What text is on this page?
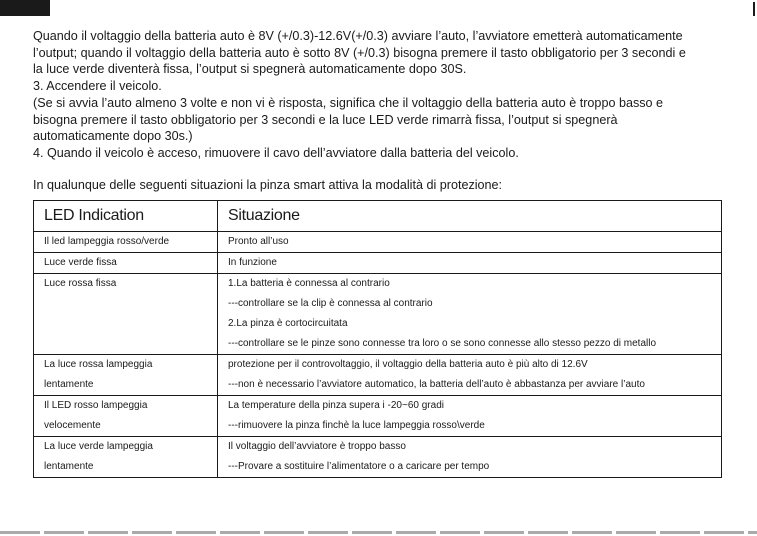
Quando il voltaggio della batteria auto è 8V (+/0.3)-12.6V(+/0.3) avviare l’auto, l’avviatore emetterà automaticamente

l’output; quando il voltaggio della batteria auto è sotto 8V (+/0.3) bisogna premere il tasto obbligatorio per 3 secondi e

la luce verde diventerà fissa, l’output si spegnerà automaticamente dopo 30S.

3. Accendere il veicolo.

(Se si avvia l’auto almeno 3 volte e non vi è risposta, significa che il voltaggio della batteria auto è troppo basso e

bisogna premere il tasto obbligatorio per 3 secondi e la luce LED verde rimarrà fissa, l’output si spegnerà

automaticamente dopo 30s.)

4. Quando il veicolo è acceso, rimuovere il cavo dell’avviatore dalla batteria del veicolo.

In qualunque delle seguenti situazioni la pinza smart attiva la modalità di protezione:
LED Indication	Situazione
Il led lampeggia rosso/verde	Pronto all’uso
Luce verde fissa	In funzione

Luce rossa fissa	1.La batteria è connessa al contrario
---controllare se la clip è connessa al contrario
2.La pinza è cortocircuitata
---controllare se le pinze sono connesse tra loro o se sono connesse allo stesso pezzo di metallo

La luce rossa lampeggia
lentamente	protezione per il controvoltaggio, il voltaggio della batteria auto è più alto di 12.6V
---non è necessario l’avviatore automatico, la batteria dell’auto è abbastanza per avviare l’auto

Il LED rosso lampeggia
velocemente	La temperature della pinza supera i -20~60 gradi
---rimuovere la pinza finchè la luce lampeggia rosso\verde

La luce verde lampeggia
lentamente	Il voltaggio dell’avviatore è troppo basso
---Provare a sostituire l’alimentatore o a caricare per tempo
